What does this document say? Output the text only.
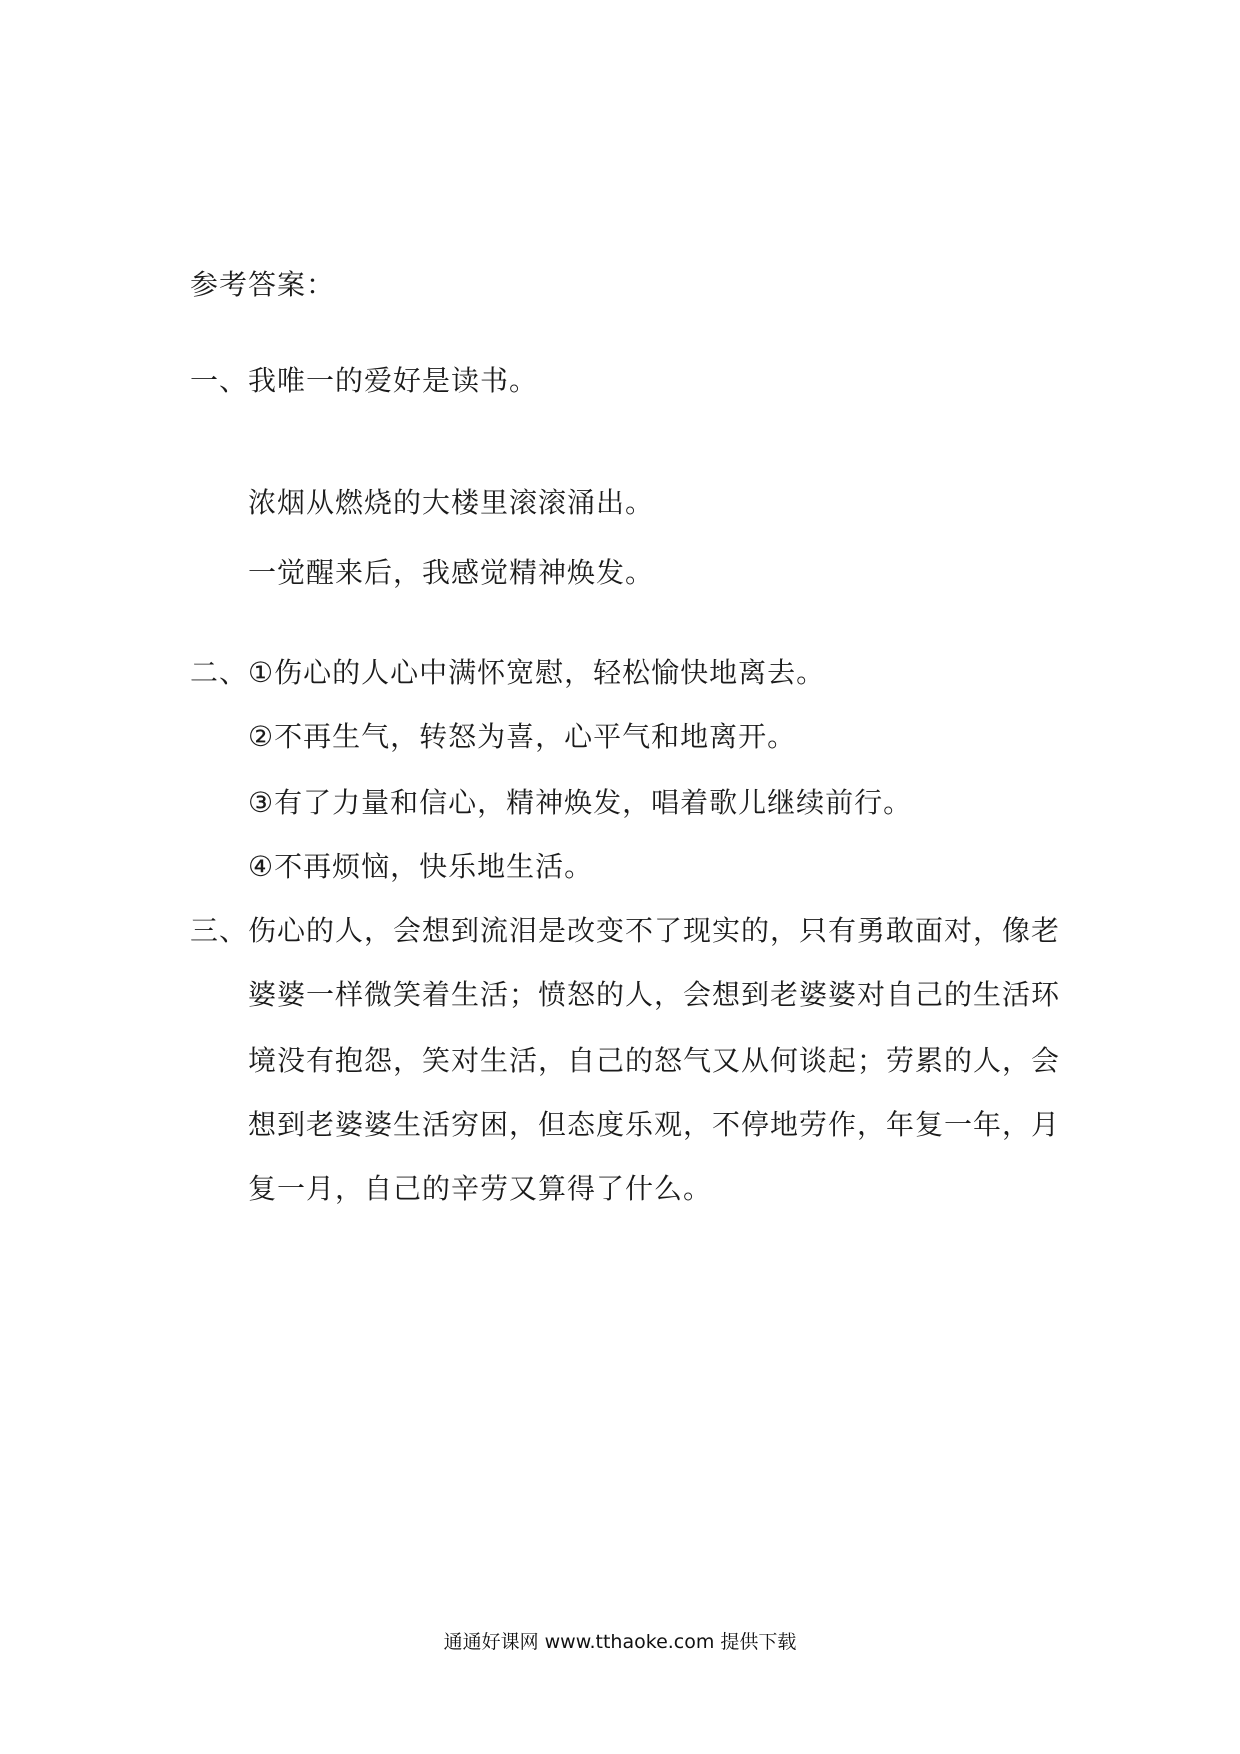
参考答案：
一、我唯一的爱好是读书。
浓烟从燃烧的大楼里滚滚涌出。
一觉醒来后，我感觉精神焕发。
二、①伤心的人心中满怀宽慰，轻松愉快地离去。
②不再生气，转怒为喜，心平气和地离开。
③有了力量和信心，精神焕发，唱着歌儿继续前行。
④不再烦恼，快乐地生活。
三、伤心的人，会想到流泪是改变不了现实的，只有勇敢面对，像老
婆婆一样微笑着生活；愤怒的人，会想到老婆婆对自己的生活环
境没有抱怨，笑对生活，自己的怒气又从何谈起；劳累的人，会
想到老婆婆生活穷困，但态度乐观，不停地劳作，年复一年，月
复一月，自己的辛劳又算得了什么。
通通好课网 www.tthaoke.com 提供下载
